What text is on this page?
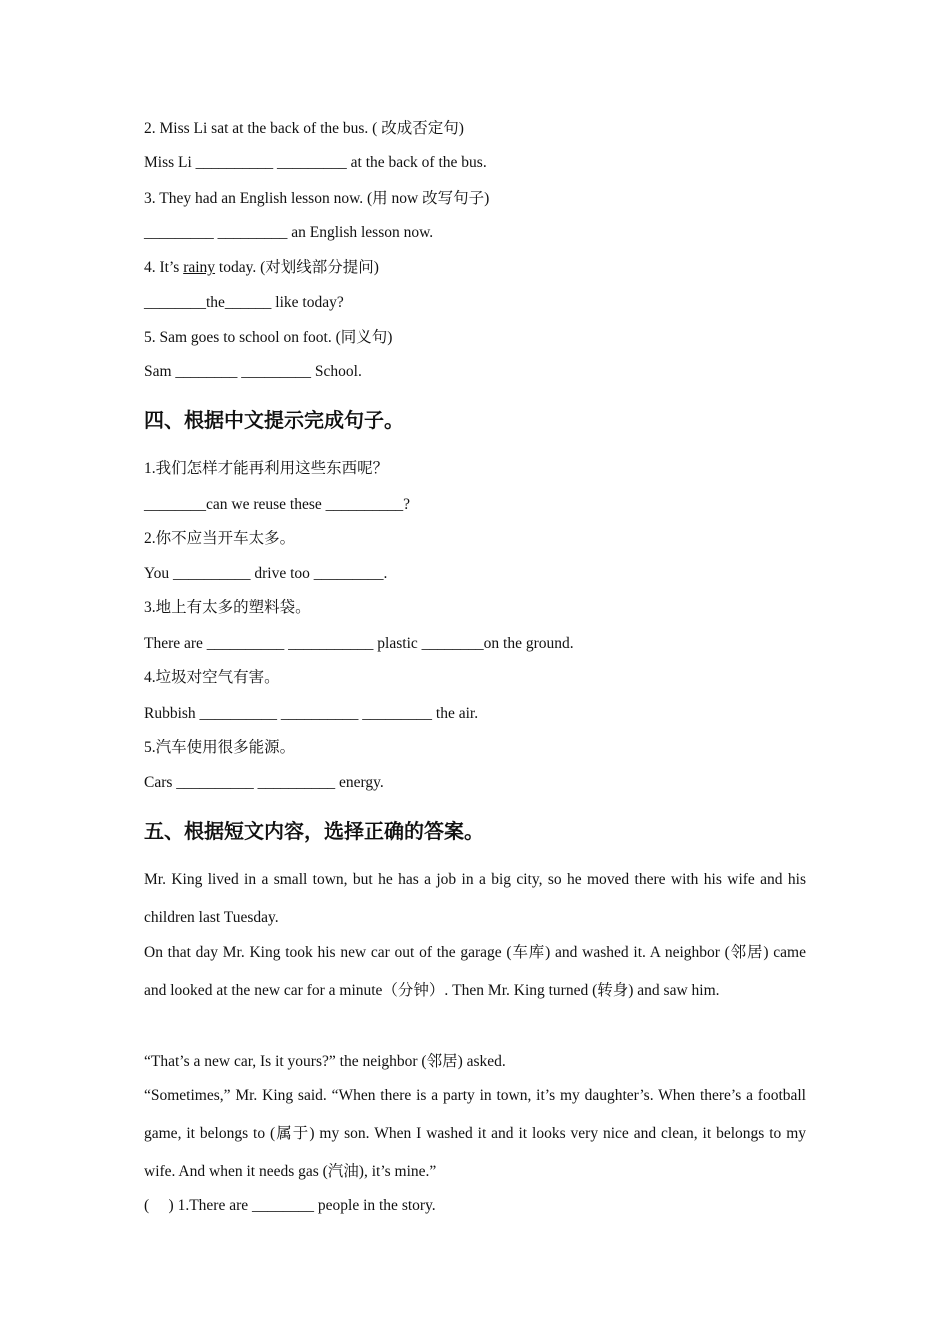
2. Miss Li sat at the back of the bus. ( 改成否定句)
Miss Li __________ _________ at the back of the bus.
3. They had an English lesson now. (用 now 改写句子)
_________ _________ an English lesson now.
4. It’s rainy today. (对划线部分提问)
________the______ like today?
5. Sam goes to school on foot. (同义句)
Sam ________ _________ School.
四、根据中文提示完成句子。
1.我们怎样才能再利用这些东西呢？
________can we reuse these __________?
2.你不应当开车太多。
You __________ drive too _________.
3.地上有太多的塑料袋。
There are __________ ___________ plastic ________on the ground.
4.垃圾对空气有害。
Rubbish __________ __________ _________ the air.
5.汽车使用很多能源。
Cars __________ __________ energy.
五、根据短文内容，选择正确的答案。
Mr. King lived in a small town, but he has a job in a big city, so he moved there with his wife and his children last Tuesday.
On that day Mr. King took his new car out of the garage (车库) and washed it. A neighbor (邻居) came and looked at the new car for a minute（分钟）. Then Mr. King turned (转身) and saw him.
“That’s a new car, Is it yours?” the neighbor (邻居) asked.
“Sometimes,” Mr. King said. “When there is a party in town, it’s my daughter’s. When there’s a football game, it belongs to (属于) my son. When I washed it and it looks very nice and clean, it belongs to my wife. And when it needs gas (汽油), it’s mine.”
(     ) 1.There are ________ people in the story.
